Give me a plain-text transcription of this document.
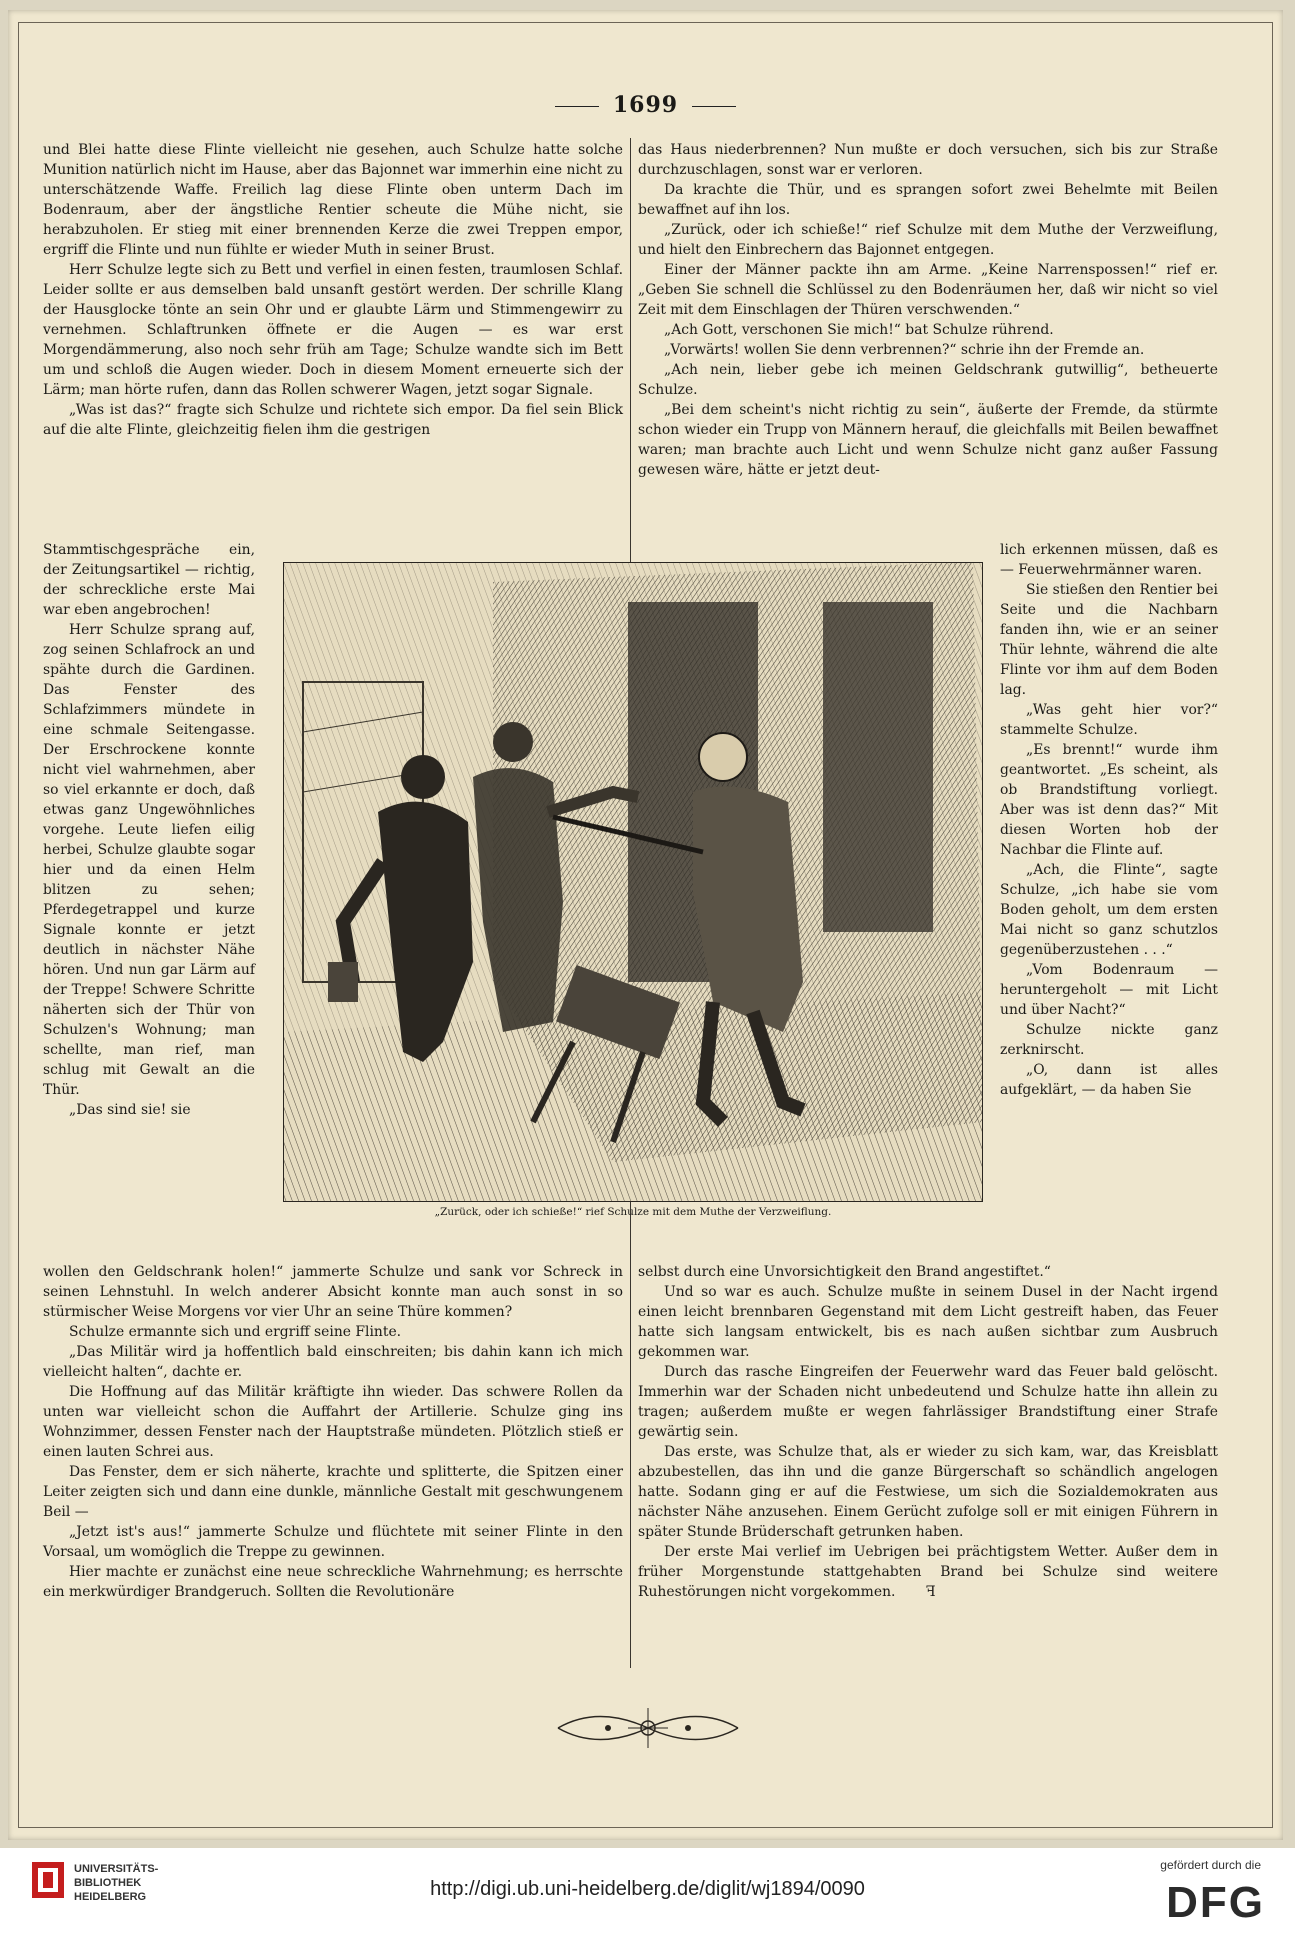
1699

und Blei hatte diese Flinte vielleicht nie gesehen, auch Schulze hatte solche Munition natürlich nicht im Hause, aber das Bajonnet war immerhin eine nicht zu unterschätzende Waffe. Freilich lag diese Flinte oben unterm Dach im Bodenraum, aber der ängstliche Rentier scheute die Mühe nicht, sie herabzuholen. Er stieg mit einer brennenden Kerze die zwei Treppen empor, ergriff die Flinte und nun fühlte er wieder Muth in seiner Brust.

Herr Schulze legte sich zu Bett und verfiel in einen festen, traumlosen Schlaf. Leider sollte er aus demselben bald unsanft gestört werden. Der schrille Klang der Hausglocke tönte an sein Ohr und er glaubte Lärm und Stimmengewirr zu vernehmen. Schlaftrunken öffnete er die Augen — es war erst Morgendämmerung, also noch sehr früh am Tage; Schulze wandte sich im Bett um und schloß die Augen wieder. Doch in diesem Moment erneuerte sich der Lärm; man hörte rufen, dann das Rollen schwerer Wagen, jetzt sogar Signale.

„Was ist das?“ fragte sich Schulze und richtete sich empor. Da fiel sein Blick auf die alte Flinte, gleichzeitig fielen ihm die gestrigen

das Haus niederbrennen? Nun mußte er doch versuchen, sich bis zur Straße durchzuschlagen, sonst war er verloren.

Da krachte die Thür, und es sprangen sofort zwei Behelmte mit Beilen bewaffnet auf ihn los.

„Zurück, oder ich schieße!“ rief Schulze mit dem Muthe der Verzweiflung, und hielt den Einbrechern das Bajonnet entgegen.

Einer der Männer packte ihn am Arme. „Keine Narrenspossen!“ rief er. „Geben Sie schnell die Schlüssel zu den Bodenräumen her, daß wir nicht so viel Zeit mit dem Einschlagen der Thüren verschwenden.“

„Ach Gott, verschonen Sie mich!“ bat Schulze rührend.

„Vorwärts! wollen Sie denn verbrennen?“ schrie ihn der Fremde an.

„Ach nein, lieber gebe ich meinen Geldschrank gutwillig“, betheuerte Schulze.

„Bei dem scheint's nicht richtig zu sein“, äußerte der Fremde, da stürmte schon wieder ein Trupp von Männern herauf, die gleichfalls mit Beilen bewaffnet waren; man brachte auch Licht und wenn Schulze nicht ganz außer Fassung gewesen wäre, hätte er jetzt deut-

Stammtischgespräche ein, der Zeitungsartikel — richtig, der schreckliche erste Mai war eben angebrochen!

Herr Schulze sprang auf, zog seinen Schlafrock an und spähte durch die Gardinen. Das Fenster des Schlafzimmers mündete in eine schmale Seitengasse. Der Erschrockene konnte nicht viel wahrnehmen, aber so viel erkannte er doch, daß etwas ganz Ungewöhnliches vorgehe. Leute liefen eilig herbei, Schulze glaubte sogar hier und da einen Helm blitzen zu sehen; Pferdegetrappel und kurze Signale konnte er jetzt deutlich in nächster Nähe hören. Und nun gar Lärm auf der Treppe! Schwere Schritte näherten sich der Thür von Schulzen's Wohnung; man schellte, man rief, man schlug mit Gewalt an die Thür.

„Das sind sie! sie

lich erkennen müssen, daß es — Feuerwehrmänner waren.

Sie stießen den Rentier bei Seite und die Nachbarn fanden ihn, wie er an seiner Thür lehnte, während die alte Flinte vor ihm auf dem Boden lag.

„Was geht hier vor?“ stammelte Schulze.

„Es brennt!“ wurde ihm geantwortet. „Es scheint, als ob Brandstiftung vorliegt. Aber was ist denn das?“ Mit diesen Worten hob der Nachbar die Flinte auf.

„Ach, die Flinte“, sagte Schulze, „ich habe sie vom Boden geholt, um dem ersten Mai nicht so ganz schutzlos gegenüberzustehen . . .“

„Vom Bodenraum — heruntergeholt — mit Licht und über Nacht?“

Schulze nickte ganz zerknirscht.

„O, dann ist alles aufgeklärt, — da haben Sie

„Zurück, oder ich schieße!“ rief Schulze mit dem Muthe der Verzweiflung.

wollen den Geldschrank holen!“ jammerte Schulze und sank vor Schreck in seinen Lehnstuhl. In welch anderer Absicht konnte man auch sonst in so stürmischer Weise Morgens vor vier Uhr an seine Thüre kommen?

Schulze ermannte sich und ergriff seine Flinte.

„Das Militär wird ja hoffentlich bald einschreiten; bis dahin kann ich mich vielleicht halten“, dachte er.

Die Hoffnung auf das Militär kräftigte ihn wieder. Das schwere Rollen da unten war vielleicht schon die Auffahrt der Artillerie. Schulze ging ins Wohnzimmer, dessen Fenster nach der Hauptstraße mündeten. Plötzlich stieß er einen lauten Schrei aus.

Das Fenster, dem er sich näherte, krachte und splitterte, die Spitzen einer Leiter zeigten sich und dann eine dunkle, männliche Gestalt mit geschwungenem Beil —

„Jetzt ist's aus!“ jammerte Schulze und flüchtete mit seiner Flinte in den Vorsaal, um womöglich die Treppe zu gewinnen.

Hier machte er zunächst eine neue schreckliche Wahrnehmung; es herrschte ein merkwürdiger Brandgeruch. Sollten die Revolutionäre

selbst durch eine Unvorsichtigkeit den Brand angestiftet.“

Und so war es auch. Schulze mußte in seinem Dusel in der Nacht irgend einen leicht brennbaren Gegenstand mit dem Licht gestreift haben, das Feuer hatte sich langsam entwickelt, bis es nach außen sichtbar zum Ausbruch gekommen war.

Durch das rasche Eingreifen der Feuerwehr ward das Feuer bald gelöscht. Immerhin war der Schaden nicht unbedeutend und Schulze hatte ihn allein zu tragen; außerdem mußte er wegen fahrlässiger Brandstiftung einer Strafe gewärtig sein.

Das erste, was Schulze that, als er wieder zu sich kam, war, das Kreisblatt abzubestellen, das ihn und die ganze Bürgerschaft so schändlich angelogen hatte. Sodann ging er auf die Festwiese, um sich die Sozialdemokraten aus nächster Nähe anzusehen. Einem Gerücht zufolge soll er mit einigen Führern in später Stunde Brüderschaft getrunken haben.

Der erste Mai verlief im Uebrigen bei prächtigstem Wetter. Außer dem in früher Morgenstunde stattgehabten Brand bei Schulze sind weitere Ruhestörungen nicht vorgekommen. ꟻ

UNIVERSITÄTS-
BIBLIOTHEK
HEIDELBERG	http://digi.ub.uni-heidelberg.de/diglit/wj1894/0090
gefördert durch die
DFG
